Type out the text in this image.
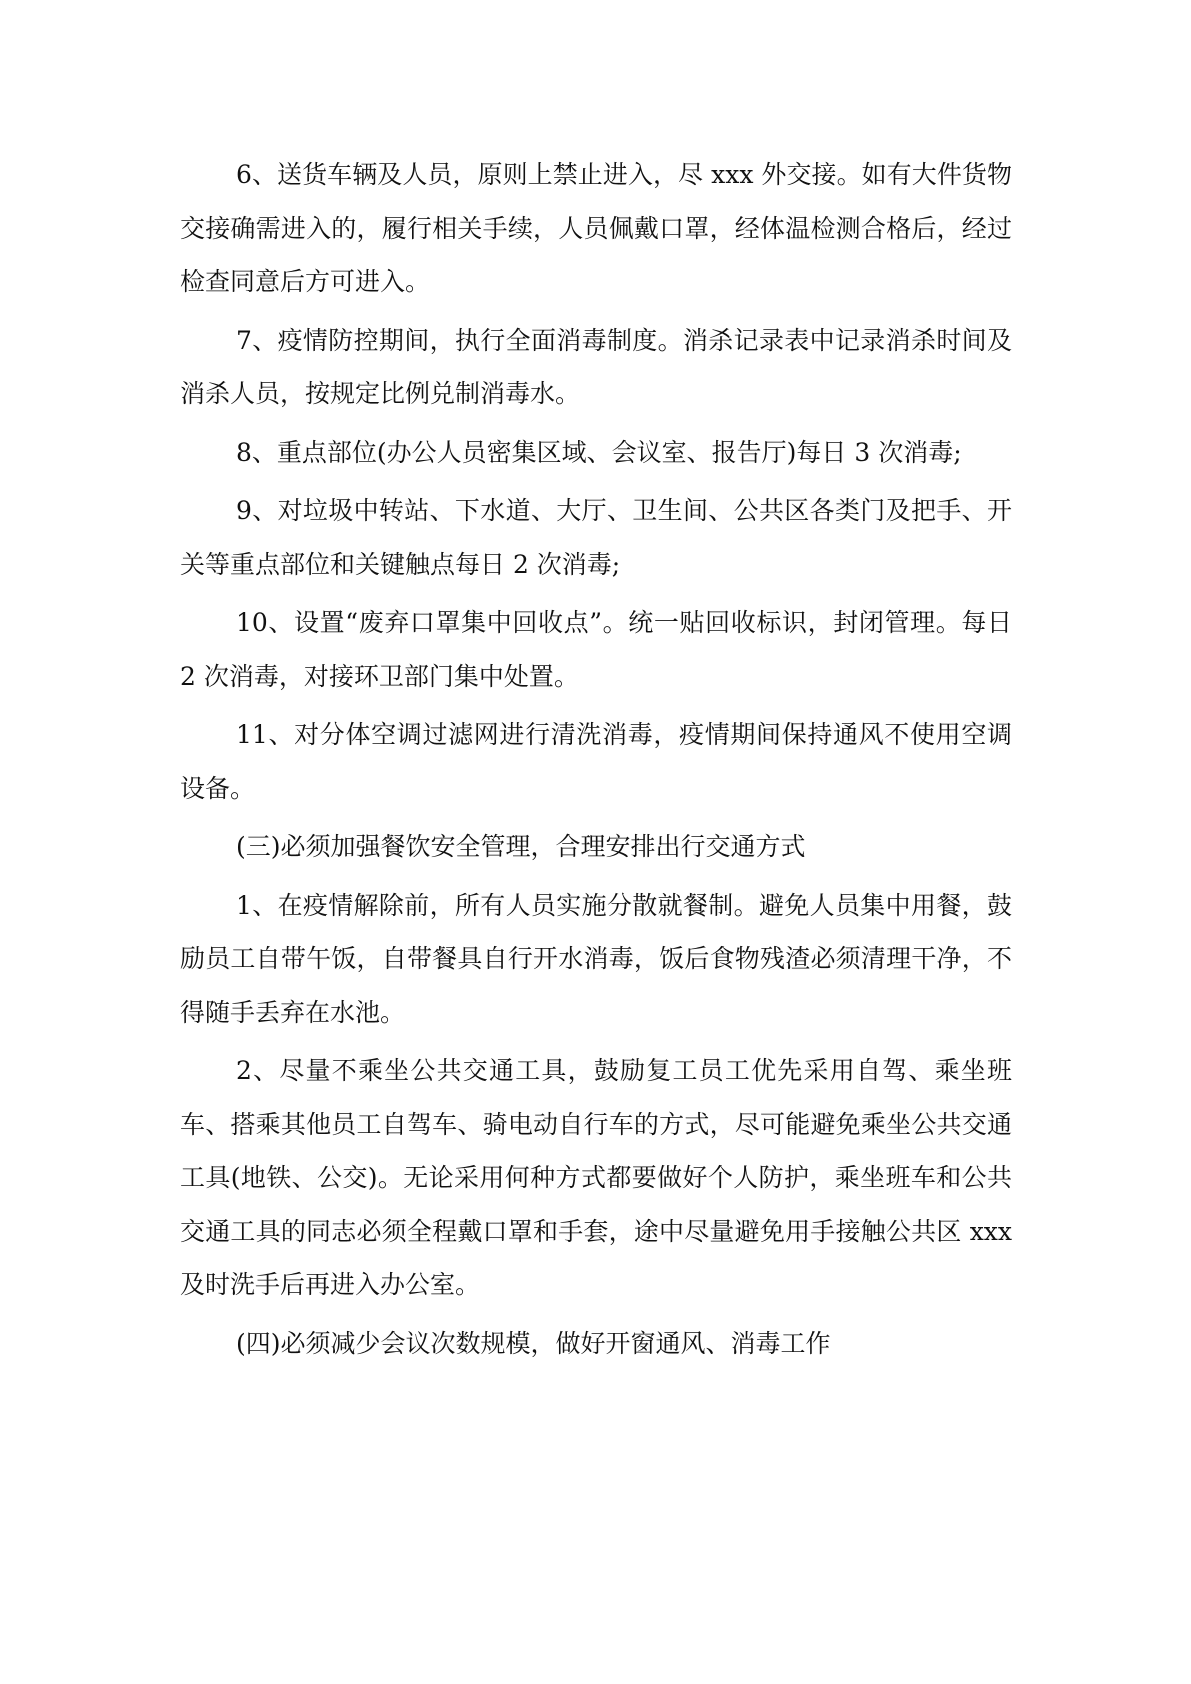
6、送货车辆及人员，原则上禁止进入，尽 xxx 外交接。如有大件货物交接确需进入的，履行相关手续，人员佩戴口罩，经体温检测合格后，经过检查同意后方可进入。

7、疫情防控期间，执行全面消毒制度。消杀记录表中记录消杀时间及消杀人员，按规定比例兑制消毒水。

8、重点部位(办公人员密集区域、会议室、报告厅)每日 3 次消毒;

9、对垃圾中转站、下水道、大厅、卫生间、公共区各类门及把手、开关等重点部位和关键触点每日 2 次消毒;

10、设置“废弃口罩集中回收点”。统一贴回收标识，封闭管理。每日 2 次消毒，对接环卫部门集中处置。

11、对分体空调过滤网进行清洗消毒，疫情期间保持通风不使用空调设备。

(三)必须加强餐饮安全管理，合理安排出行交通方式

1、在疫情解除前，所有人员实施分散就餐制。避免人员集中用餐，鼓励员工自带午饭，自带餐具自行开水消毒，饭后食物残渣必须清理干净，不得随手丢弃在水池。

2、尽量不乘坐公共交通工具，鼓励复工员工优先采用自驾、乘坐班车、搭乘其他员工自驾车、骑电动自行车的方式，尽可能避免乘坐公共交通工具(地铁、公交)。无论采用何种方式都要做好个人防护，乘坐班车和公共交通工具的同志必须全程戴口罩和手套，途中尽量避免用手接触公共区 xxx 及时洗手后再进入办公室。

(四)必须减少会议次数规模，做好开窗通风、消毒工作
